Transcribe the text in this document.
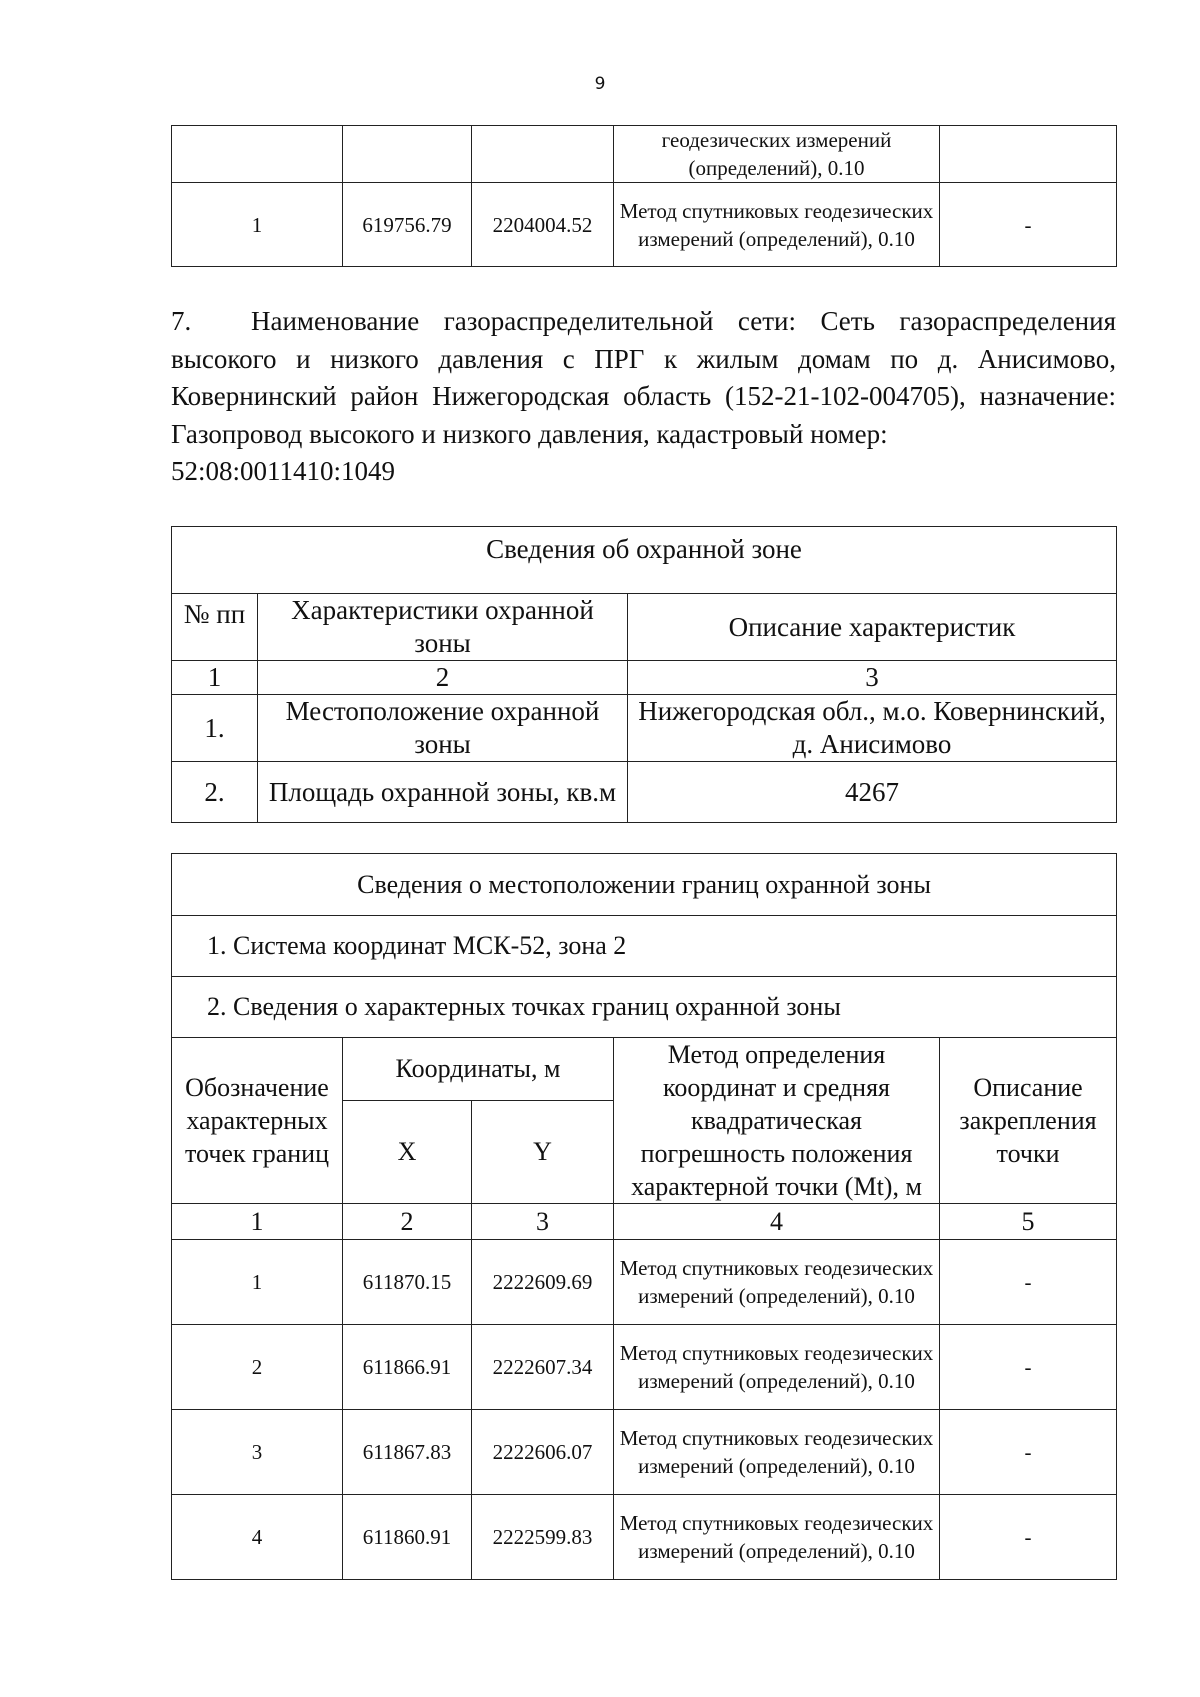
9
			геодезических измерений (определений), 0.10	
1	619756.79	2204004.52	Метод спутниковых геодезических измерений (определений), 0.10	-
7. Наименование газораспределительной сети: Сеть газораспределения высокого и низкого давления с ПРГ к жилым домам по д. Анисимово, Ковернинский район Нижегородская область (152-21-102-004705), назначение: Газопровод высокого и низкого давления, кадастровый номер:
52:08:0011410:1049
Сведения об охранной зоне		
№ пп	Характеристики охранной зоны	Описание характеристик
1	2	3
1.	Местоположение охранной зоны	Нижегородская обл., м.о. Ковернинский, д. Анисимово
2.	Площадь охранной зоны, кв.м	4267
Сведения о местоположении границ охранной зоны				
1. Система координат МСК-52, зона 2				
2. Сведения о характерных точках границ охранной зоны				
Обозначение характерных точек границ	Координаты, м		Метод определения координат и средняя квадратическая погрешность положения характерной точки (Mt), м	Описание закрепления точки
	X	Y		
1	2	3	4	5
1	611870.15	2222609.69	Метод спутниковых геодезических измерений (определений), 0.10	-
2	611866.91	2222607.34	Метод спутниковых геодезических измерений (определений), 0.10	-
3	611867.83	2222606.07	Метод спутниковых геодезических измерений (определений), 0.10	-
4	611860.91	2222599.83	Метод спутниковых геодезических измерений (определений), 0.10	-
